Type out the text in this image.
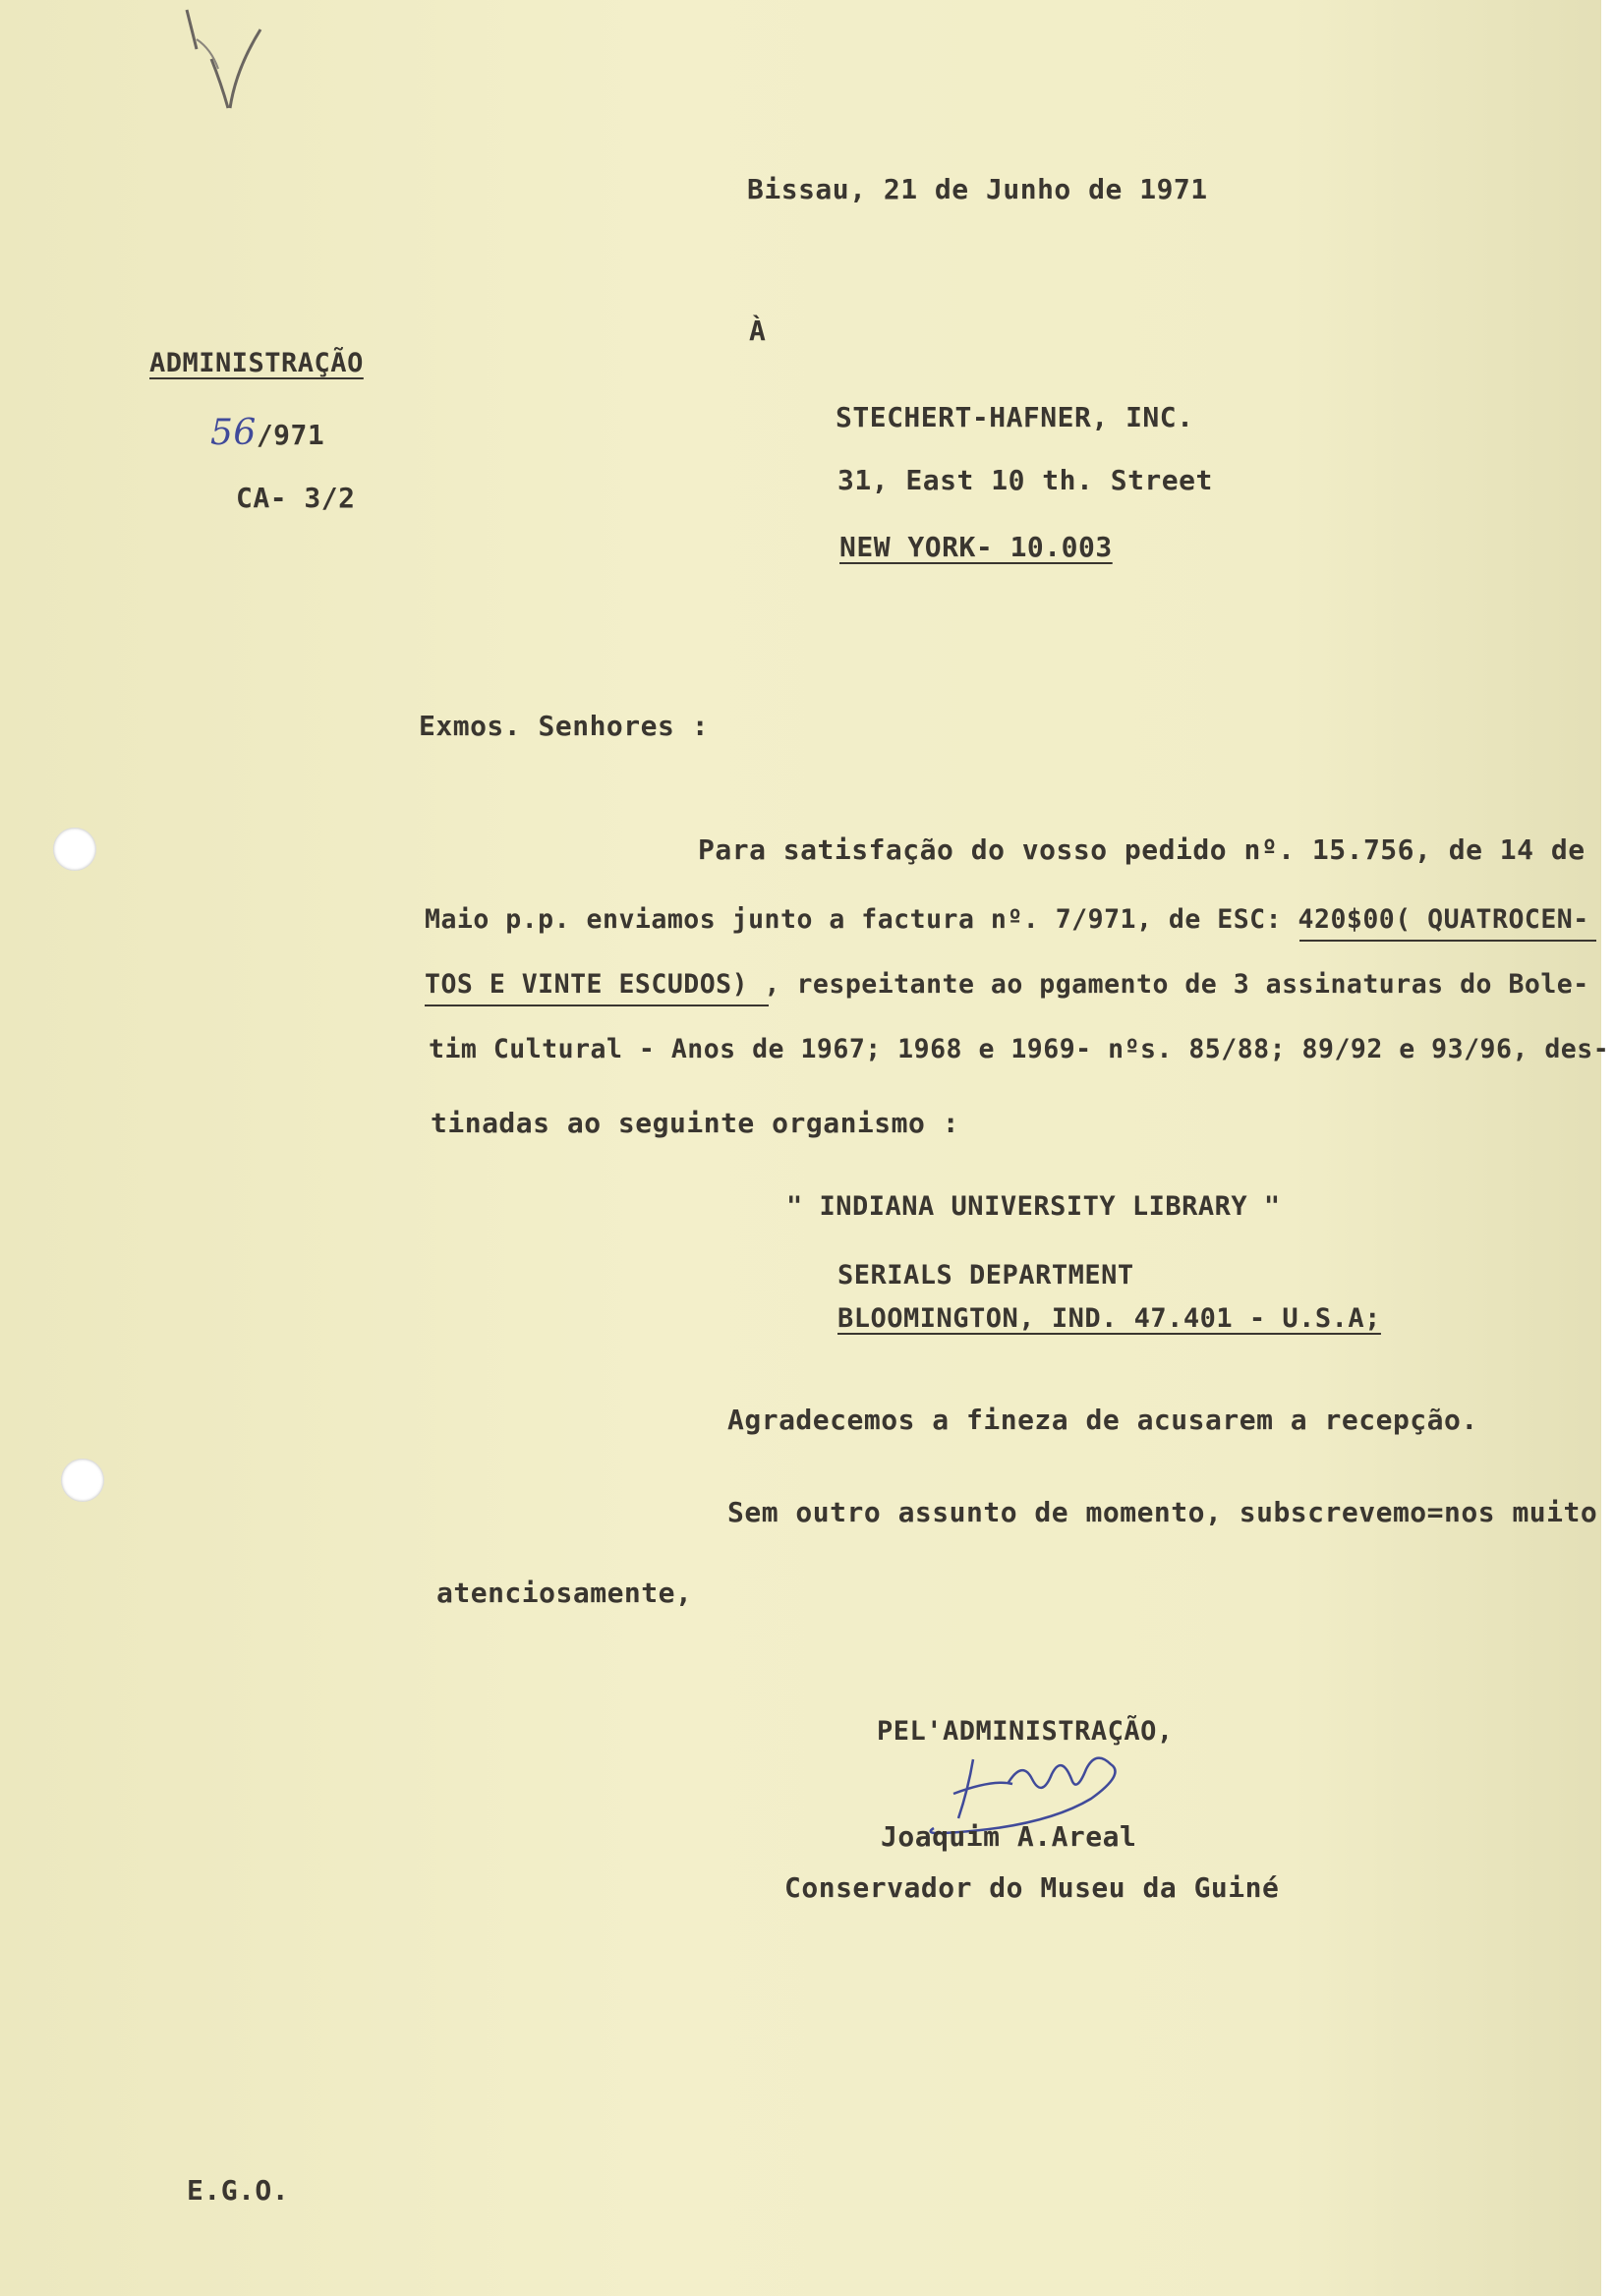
Bissau, 21 de Junho de 1971

À

ADMINISTRAÇÃO

56/971

CA- 3/2

STECHERT-HAFNER, INC.

31, East 10 th. Street

NEW YORK- 10.003

Exmos. Senhores :

Para satisfação do vosso pedido nº. 15.756, de 14 de

Maio p.p. enviamos junto a factura nº. 7/971, de ESC: 420$00( QUATROCEN-

TOS E VINTE ESCUDOS) , respeitante ao pgamento de 3 assinaturas do Bole-

tim Cultural - Anos de 1967; 1968 e 1969- nºs. 85/88; 89/92 e 93/96, des-

tinadas ao seguinte organismo :

" INDIANA UNIVERSITY LIBRARY "

SERIALS DEPARTMENT

BLOOMINGTON, IND. 47.401 - U.S.A;

Agradecemos a fineza de acusarem a recepção.

Sem outro assunto de momento, subscrevemo=nos muito

atenciosamente,

PEL'ADMINISTRAÇÃO,

Joaquim A.Areal

Conservador do Museu da Guiné

E.G.O.
